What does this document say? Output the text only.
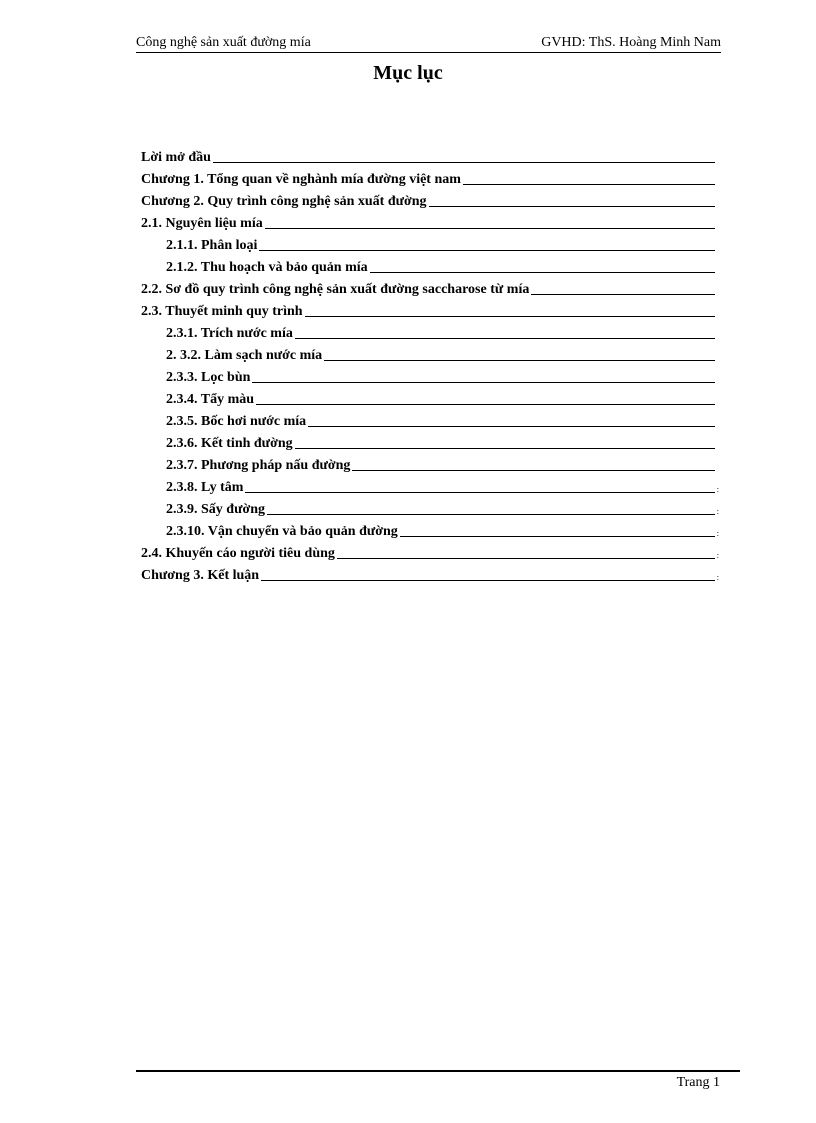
Công nghệ sản xuất đường mía	GVHD: ThS. Hoàng Minh Nam
Mục lục
Lời mở đầu
Chương 1. Tổng quan về nghành mía đường việt nam
Chương 2. Quy trình công nghệ sản xuất đường
2.1. Nguyên liệu mía
2.1.1. Phân loại
2.1.2. Thu hoạch và bảo quản mía
2.2. Sơ đồ quy trình công nghệ sản xuất đường saccharose từ mía
2.3. Thuyết minh quy trình
2.3.1. Trích nước mía
2. 3.2. Làm sạch nước mía
2.3.3. Lọc bùn
2.3.4. Tẩy màu
2.3.5. Bốc hơi nước mía
2.3.6. Kết tinh đường
2.3.7. Phương pháp nấu đường
2.3.8. Ly tâm	:
2.3.9. Sấy đường	:
2.3.10. Vận chuyển và bảo quản đường	:
2.4. Khuyến cáo người tiêu dùng	:
Chương 3. Kết luận	:
Trang 1
